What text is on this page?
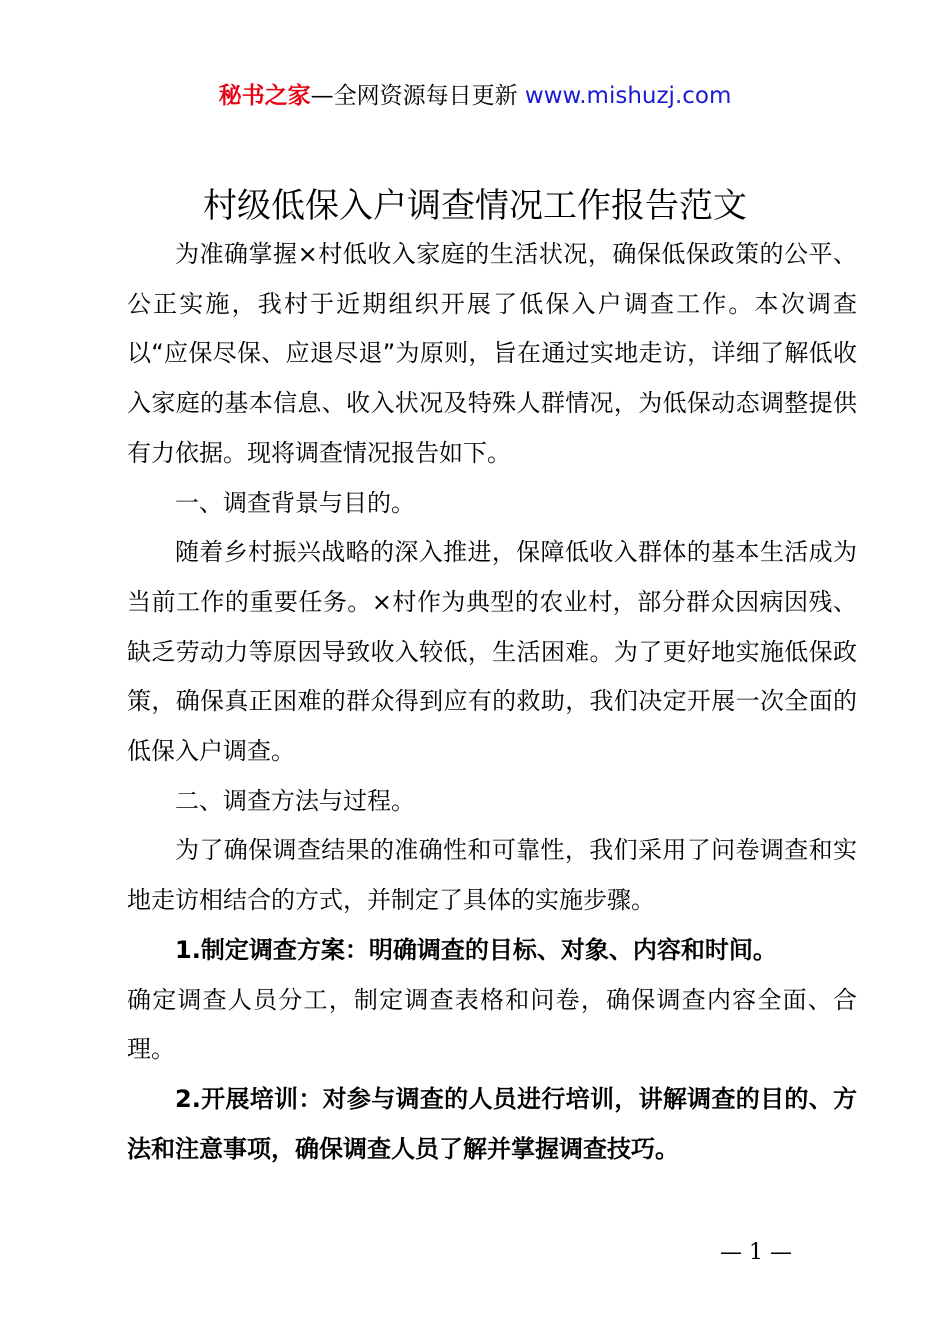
秘书之家—全网资源每日更新 www.mishuzj.com
村级低保入户调查情况工作报告范文

为准确掌握×村低收入家庭的生活状况，确保低保政策的公平、公正实施，我村于近期组织开展了低保入户调查工作。本次调查以“应保尽保、应退尽退”为原则，旨在通过实地走访，详细了解低收入家庭的基本信息、收入状况及特殊人群情况，为低保动态调整提供有力依据。现将调查情况报告如下。

一、调查背景与目的。

随着乡村振兴战略的深入推进，保障低收入群体的基本生活成为当前工作的重要任务。×村作为典型的农业村，部分群众因病因残、缺乏劳动力等原因导致收入较低，生活困难。为了更好地实施低保政策，确保真正困难的群众得到应有的救助，我们决定开展一次全面的低保入户调查。

二、调查方法与过程。

为了确保调查结果的准确性和可靠性，我们采用了问卷调查和实地走访相结合的方式，并制定了具体的实施步骤。

1.制定调查方案：明确调查的目标、对象、内容和时间。

确定调查人员分工，制定调查表格和问卷，确保调查内容全面、合理。

2.开展培训：对参与调查的人员进行培训，讲解调查的目的、方法和注意事项，确保调查人员了解并掌握调查技巧。

— 1 —
